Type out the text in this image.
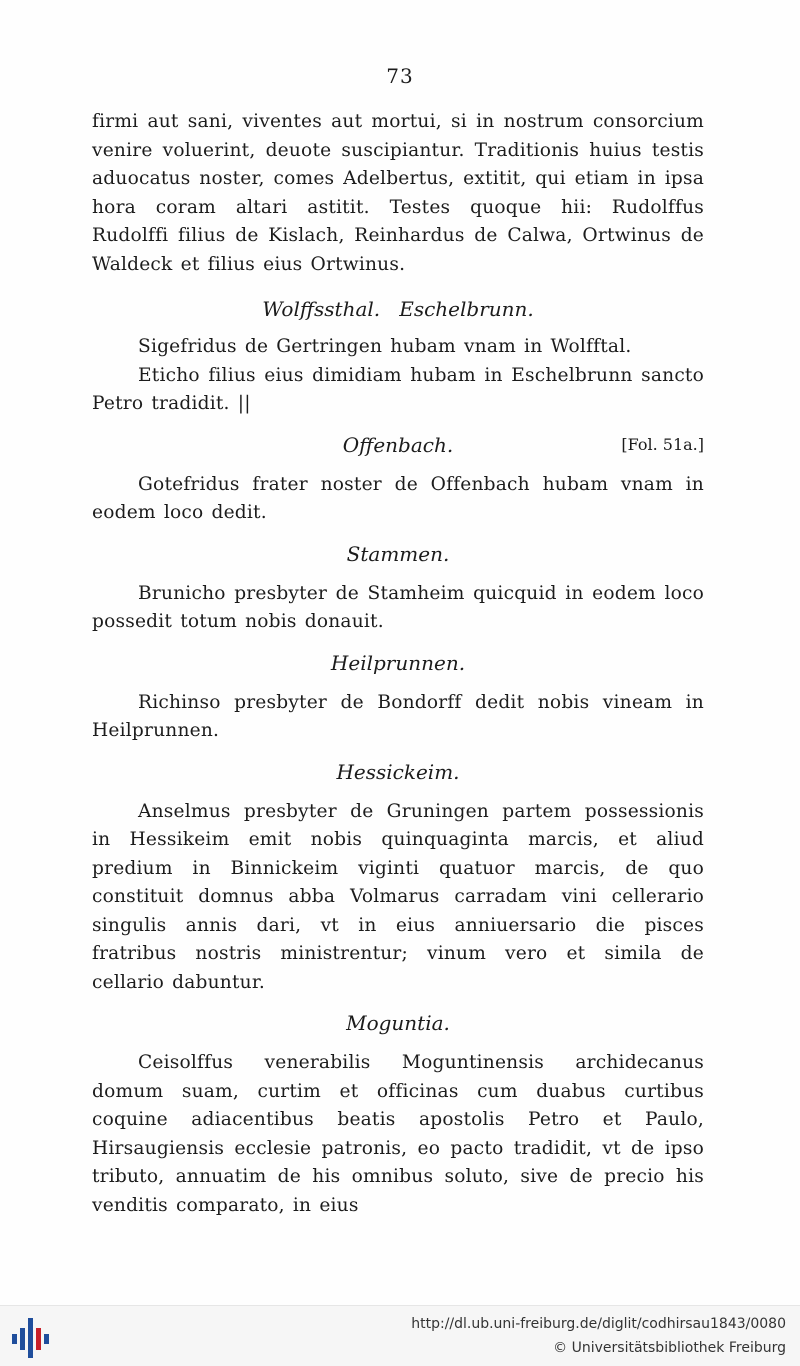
73

firmi aut sani, viventes aut mortui, si in nostrum consorcium venire voluerint, deuote suscipiantur. Traditionis huius testis aduocatus noster, comes Adelbertus, extitit, qui etiam in ipsa hora coram altari astitit. Testes quoque hii: Rudolffus Rudolffi filius de Kislach, Reinhardus de Calwa, Ortwinus de Waldeck et filius eius Ortwinus.

Wolffssthal.   Eschelbrunn.

Sigefridus de Gertringen hubam vnam in Wolfftal.

Eticho filius eius dimidiam hubam in Eschelbrunn sancto Petro tradidit. ||

Offenbach.	[Fol. 51a.]

Gotefridus frater noster de Offenbach hubam vnam in eodem loco dedit.

Stammen.

Brunicho presbyter de Stamheim quicquid in eodem loco possedit totum nobis donauit.

Heilprunnen.

Richinso presbyter de Bondorff dedit nobis vineam in Heilprunnen.

Hessickeim.

Anselmus presbyter de Gruningen partem possessionis in Hessikeim emit nobis quinquaginta marcis, et aliud predium in Binnickeim viginti quatuor marcis, de quo constituit domnus abba Volmarus carradam vini cellerario singulis annis dari, vt in eius anniuersario die pisces fratribus nostris ministrentur; vinum vero et simila de cellario dabuntur.

Moguntia.

Ceisolffus venerabilis Moguntinensis archidecanus domum suam, curtim et officinas cum duabus curtibus coquine adiacentibus beatis apostolis Petro et Paulo, Hirsaugiensis ecclesie patronis, eo pacto tradidit, vt de ipso tributo, annuatim de his omnibus soluto, sive de precio his venditis comparato, in eius

http://dl.ub.uni-freiburg.de/diglit/codhirsau1843/0080
© Universitätsbibliothek Freiburg
